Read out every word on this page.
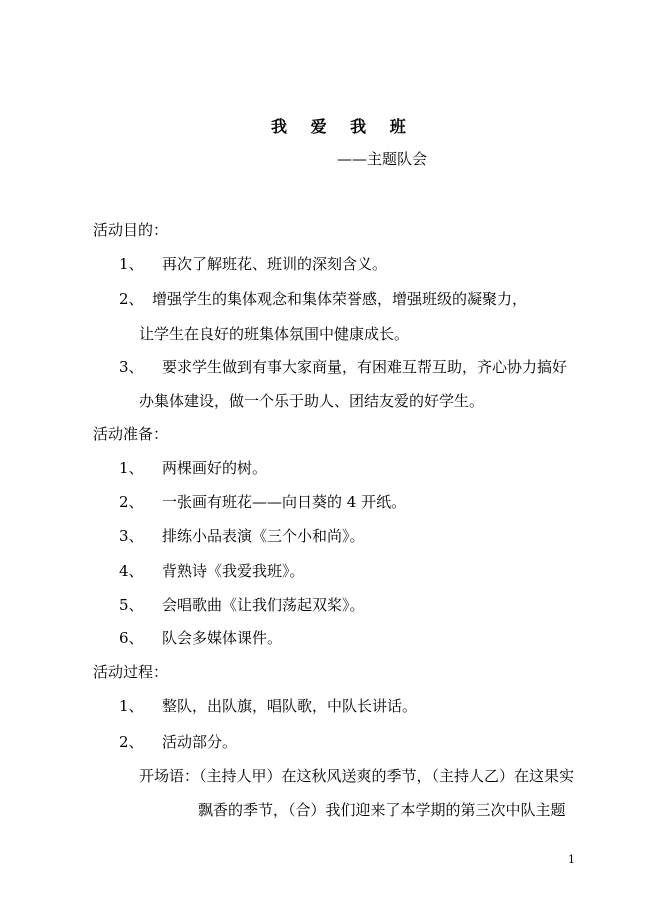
我 爱 我 班

——主题队会

活动目的：

1、 再次了解班花、班训的深刻含义。

2、 增强学生的集体观念和集体荣誉感，增强班级的凝聚力，

让学生在良好的班集体氛围中健康成长。

3、 要求学生做到有事大家商量，有困难互帮互助，齐心协力搞好

办集体建设，做一个乐于助人、团结友爱的好学生。

活动准备：

1、 两棵画好的树。

2、 一张画有班花——向日葵的 4 开纸。

3、 排练小品表演《三个小和尚》。

4、 背熟诗《我爱我班》。

5、 会唱歌曲《让我们荡起双桨》。

6、 队会多媒体课件。

活动过程：

1、 整队，出队旗，唱队歌，中队长讲话。

2、 活动部分。

开场语：（主持人甲）在这秋风送爽的季节，（主持人乙）在这果实

飘香的季节，（合）我们迎来了本学期的第三次中队主题

1
